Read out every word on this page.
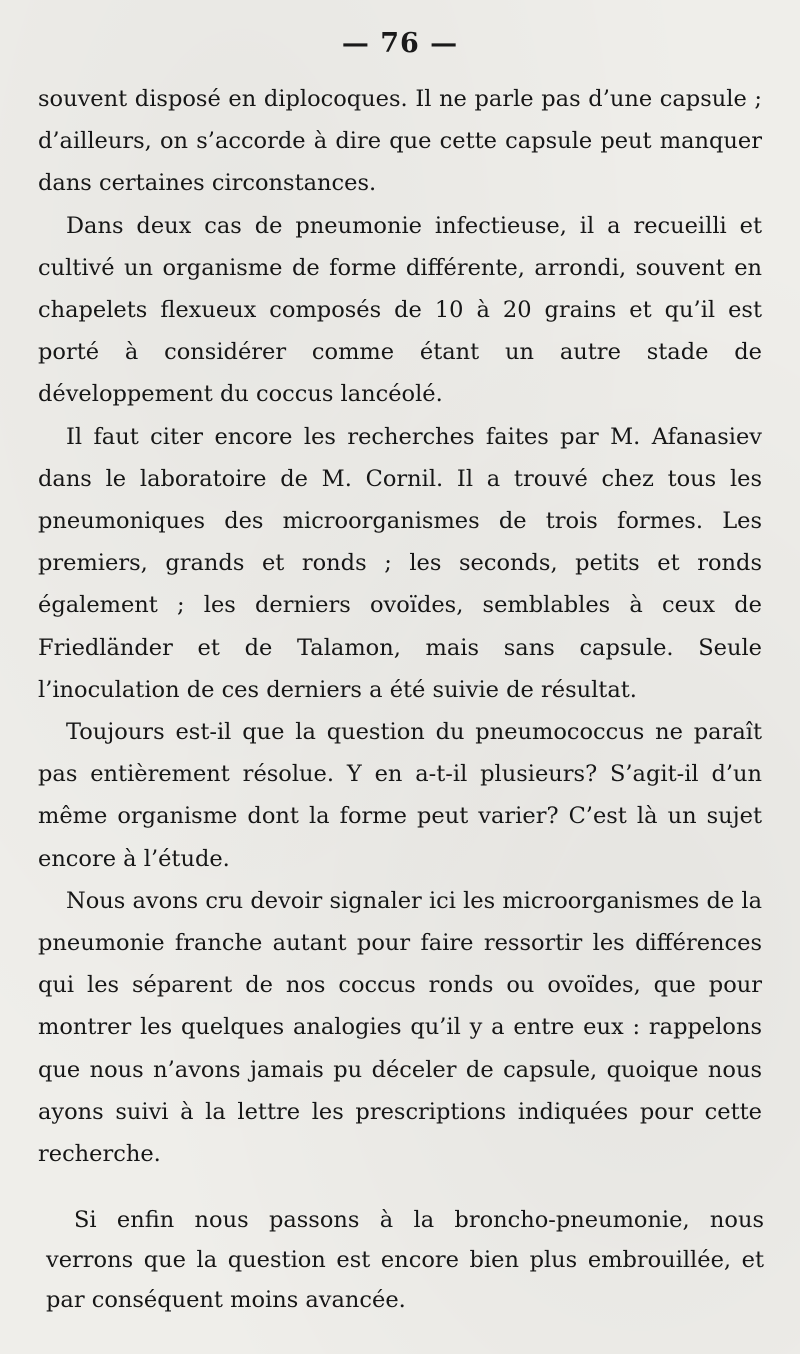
— 76 —

souvent disposé en diplocoques. Il ne parle pas d’une capsule ; d’ailleurs, on s’accorde à dire que cette capsule peut manquer dans certaines circonstances.

Dans deux cas de pneumonie infectieuse, il a recueilli et cultivé un organisme de forme différente, arrondi, souvent en chapelets flexueux composés de 10 à 20 grains et qu’il est porté à considérer comme étant un autre stade de développement du coccus lancéolé.

Il faut citer encore les recherches faites par M. Afanasiev dans le laboratoire de M. Cornil. Il a trouvé chez tous les pneumoniques des microorganismes de trois formes. Les premiers, grands et ronds ; les seconds, petits et ronds également ; les derniers ovoïdes, semblables à ceux de Friedländer et de Talamon, mais sans capsule. Seule l’inoculation de ces derniers a été suivie de résultat.

Toujours est-il que la question du pneumococcus ne paraît pas entièrement résolue. Y en a-t-il plusieurs? S’agit-il d’un même organisme dont la forme peut varier? C’est là un sujet encore à l’étude.

Nous avons cru devoir signaler ici les microorganismes de la pneumonie franche autant pour faire ressortir les différences qui les séparent de nos coccus ronds ou ovoïdes, que pour montrer les quelques analogies qu’il y a entre eux : rappelons que nous n’avons jamais pu déceler de capsule, quoique nous ayons suivi à la lettre les prescriptions indiquées pour cette recherche.

Si enfin nous passons à la broncho-pneumonie, nous verrons que la question est encore bien plus embrouillée, et par conséquent moins avancée.
